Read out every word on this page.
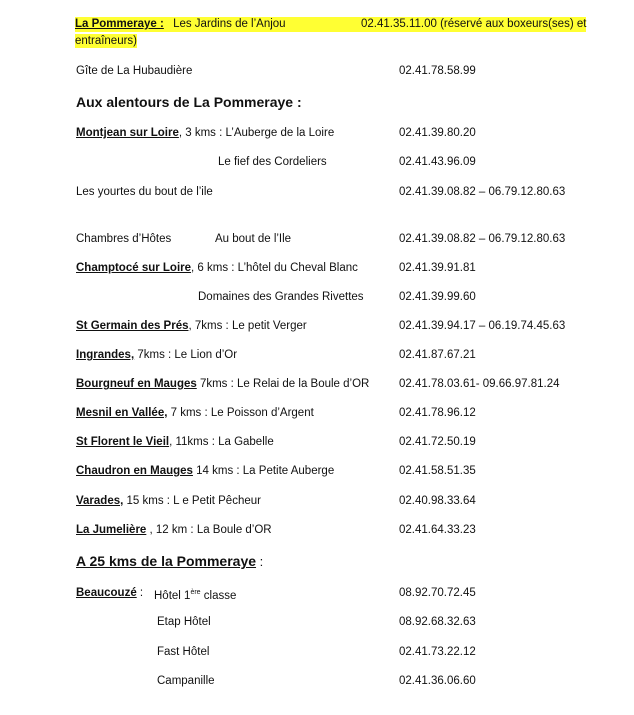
La Pommeraye : Les Jardins de l’Anjou	02.41.35.11.00 (réservé aux boxeurs(ses) et
entraîneurs)
Gîte de La Hubaudière	02.41.78.58.99
Aux alentours de La Pommeraye :
Montjean sur Loire, 3 kms : L’Auberge de la Loire	02.41.39.80.20
Le fief des Cordeliers	02.41.43.96.09
Les yourtes du bout de l’ile	02.41.39.08.82 – 06.79.12.80.63
Chambres d’Hôtes	Au bout de l’Ile	02.41.39.08.82 – 06.79.12.80.63
Champtocé sur Loire, 6 kms : L’hôtel du Cheval Blanc	02.41.39.91.81
Domaines des Grandes Rivettes	02.41.39.99.60
St Germain des Prés, 7kms : Le petit Verger	02.41.39.94.17 – 06.19.74.45.63
Ingrandes, 7kms : Le Lion d’Or	02.41.87.67.21
Bourgneuf en Mauges 7kms : Le Relai de la Boule d’OR	02.41.78.03.61- 09.66.97.81.24
Mesnil en Vallée, 7 kms : Le Poisson d’Argent	02.41.78.96.12
St Florent le Vieil, 11kms : La Gabelle	02.41.72.50.19
Chaudron en Mauges 14 kms : La Petite Auberge	02.41.58.51.35
Varades, 15 kms : L e Petit Pêcheur	02.40.98.33.64
La Jumelière , 12 km : La Boule d’OR	02.41.64.33.23
A 25 kms de la Pommeraye :
Beaucouzé : Hôtel 1ère classe	08.92.70.72.45
Etap Hôtel	08.92.68.32.63
Fast Hôtel	02.41.73.22.12
Campanille	02.41.36.06.60
